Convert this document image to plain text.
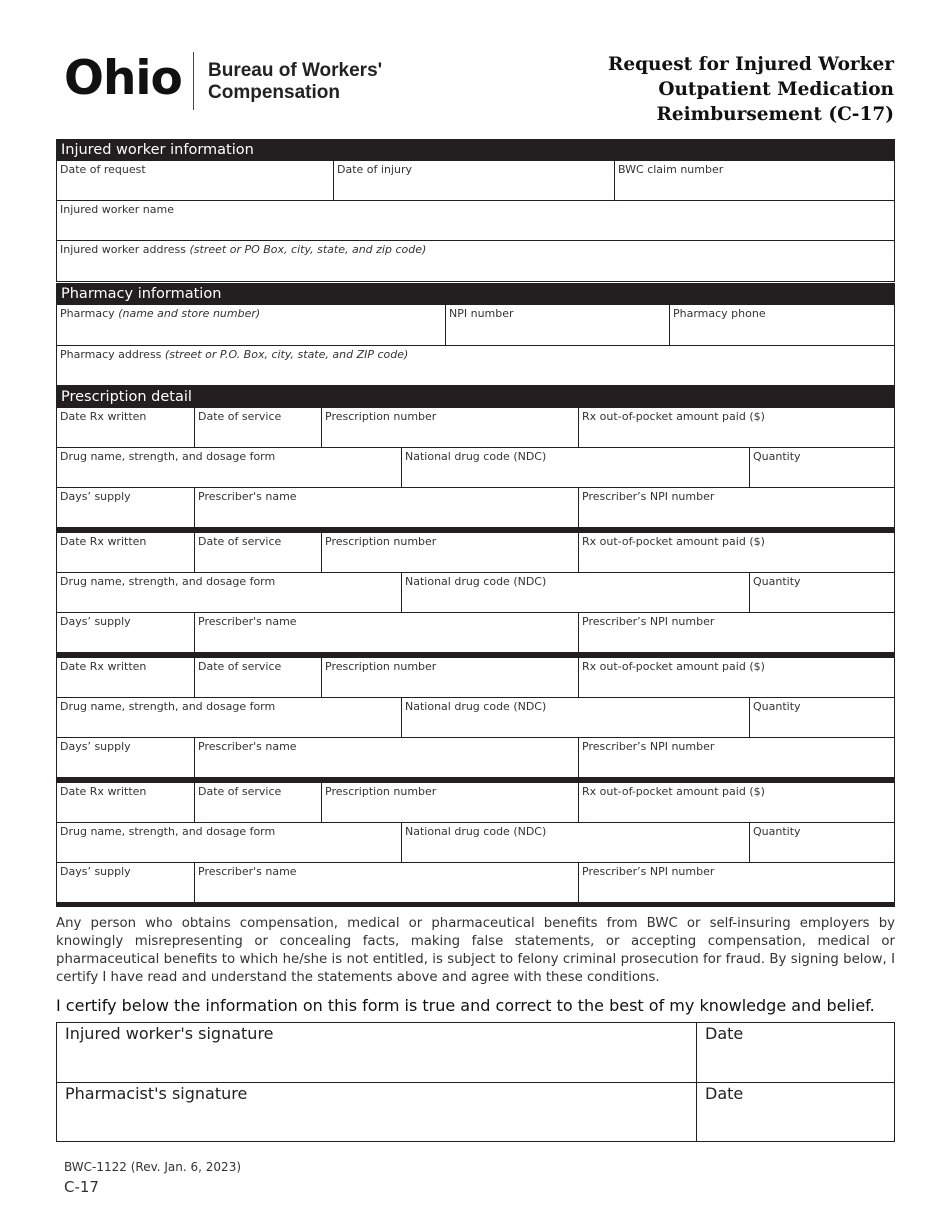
Ohio Bureau of Workers'
Compensation
Request for Injured Worker
Outpatient Medication
Reimbursement (C-17)
Injured worker information
Date of request	Date of injury	BWC claim number
Injured worker name
Injured worker address (street or PO Box, city, state, and zip code)
Pharmacy information
Pharmacy (name and store number)	NPI number	Pharmacy phone
Pharmacy address (street or P.O. Box, city, state, and ZIP code)
Prescription detail
Date Rx written	Date of service	Prescription number	Rx out-of-pocket amount paid ($)
Drug name, strength, and dosage form	National drug code (NDC)	Quantity
Days’ supply	Prescriber's name	Prescriber’s NPI number
Date Rx written	Date of service	Prescription number	Rx out-of-pocket amount paid ($)
Drug name, strength, and dosage form	National drug code (NDC)	Quantity
Days’ supply	Prescriber's name	Prescriber’s NPI number
Date Rx written	Date of service	Prescription number	Rx out-of-pocket amount paid ($)
Drug name, strength, and dosage form	National drug code (NDC)	Quantity
Days’ supply	Prescriber's name	Prescriber’s NPI number
Date Rx written	Date of service	Prescription number	Rx out-of-pocket amount paid ($)
Drug name, strength, and dosage form	National drug code (NDC)	Quantity
Days’ supply	Prescriber's name	Prescriber’s NPI number
Any person who obtains compensation, medical or pharmaceutical benefits from BWC or self-insuring employers by knowingly misrepresenting or concealing facts, making false statements, or accepting compensation, medical or pharmaceutical benefits to which he/she is not entitled, is subject to felony criminal prosecution for fraud. By signing below, I certify I have read and understand the statements above and agree with these conditions.
I certify below the information on this form is true and correct to the best of my knowledge and belief.
Injured worker's signature	Date
Pharmacist's signature	Date
BWC-1122 (Rev. Jan. 6, 2023)
C-17
